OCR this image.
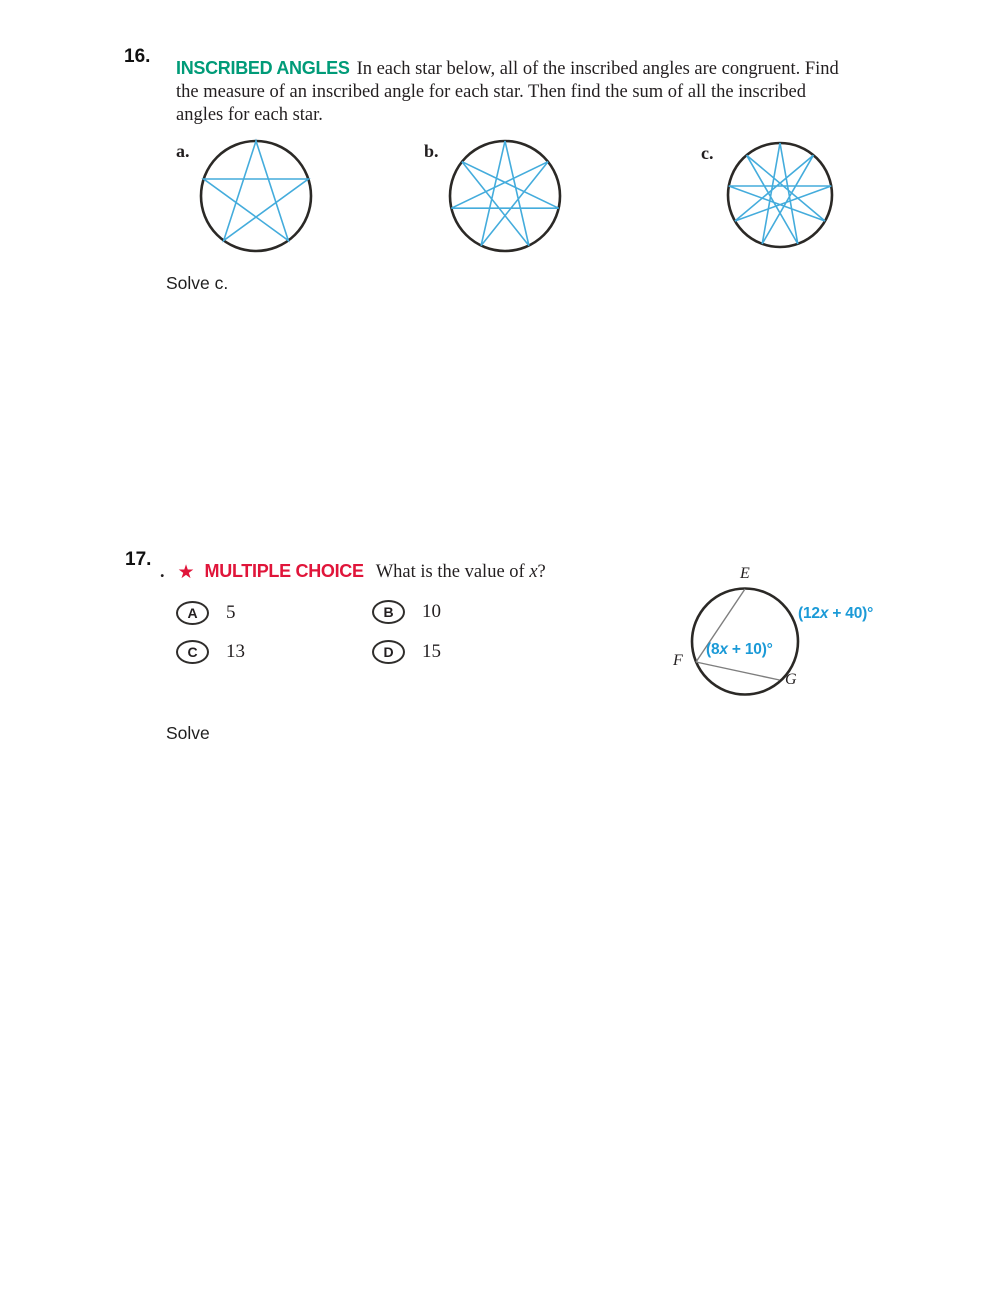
16.
INSCRIBED ANGLES In each star below, all of the inscribed angles are congruent. Find the measure of an inscribed angle for each star. Then find the sum of all the inscribed angles for each star.
a.	b.	c.
Solve c.
17.
. ★ MULTIPLE CHOICE What is the value of x?
A	5	B	10
C	13	D	15
E
F
G
(12x + 40)°
(8x + 10)°
Solve
